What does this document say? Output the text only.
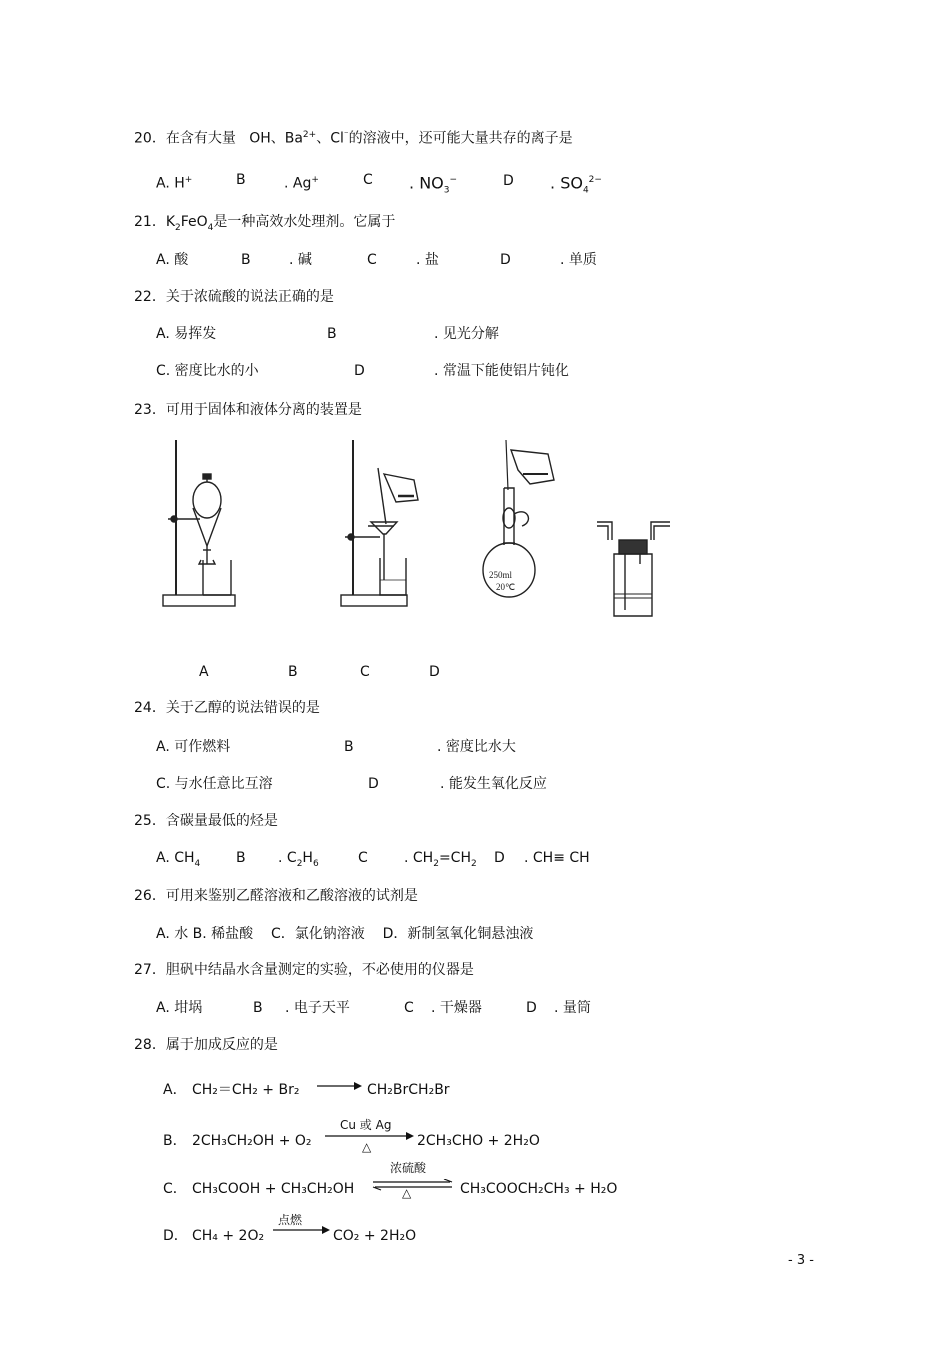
20．在含有大量 OH、$Ba^{2+}$、Cl⁻的溶液中，还可能大量共存的离子是
A. H+	B	. Ag+	C . $NO_3^-$	D . $SO_4^{2-}$
21．$K_2FeO_4$是一种高效水处理剂。它属于
A. 酸	B	. 碱	C	. 盐	D	. 单质
22．关于浓硫酸的说法正确的是
A. 易挥发	B	. 见光分解
C. 密度比水的小	D	. 常温下能使铝片钝化
23．可用于固体和液体分离的装置是
250ml
20℃
A	B	C	D
24．关于乙醇的说法错误的是
A. 可作燃料	B	. 密度比水大
C. 与水任意比互溶	D	. 能发生氧化反应
25．含碳量最低的烃是
A. $CH_4$	B . $C_2H_6$	C	. $CH_2=CH_2$ D . CH≡ CH
26．可用来鉴别乙醛溶液和乙酸溶液的试剂是
A. 水 B. 稀盐酸    C．氯化钠溶液    D．新制氢氧化铜悬浊液
27．胆矾中结晶水含量测定的实验，不必使用的仪器是
A. 坩埚	B . 电子天平	C . 干燥器	D . 量筒
28．属于加成反应的是
A． CH₂＝CH₂ + Br₂	CH₂BrCH₂Br
B． 2CH₃CH₂OH + O₂
Cu 或 Ag
△	2CH₃CHO + 2H₂O
C． CH₃COOH + CH₃CH₂OH
浓硫酸
△	CH₃COOCH₂CH₃ + H₂O
D． CH₄ + 2O₂
点燃
CO₂ + 2H₂O
- 3 -
